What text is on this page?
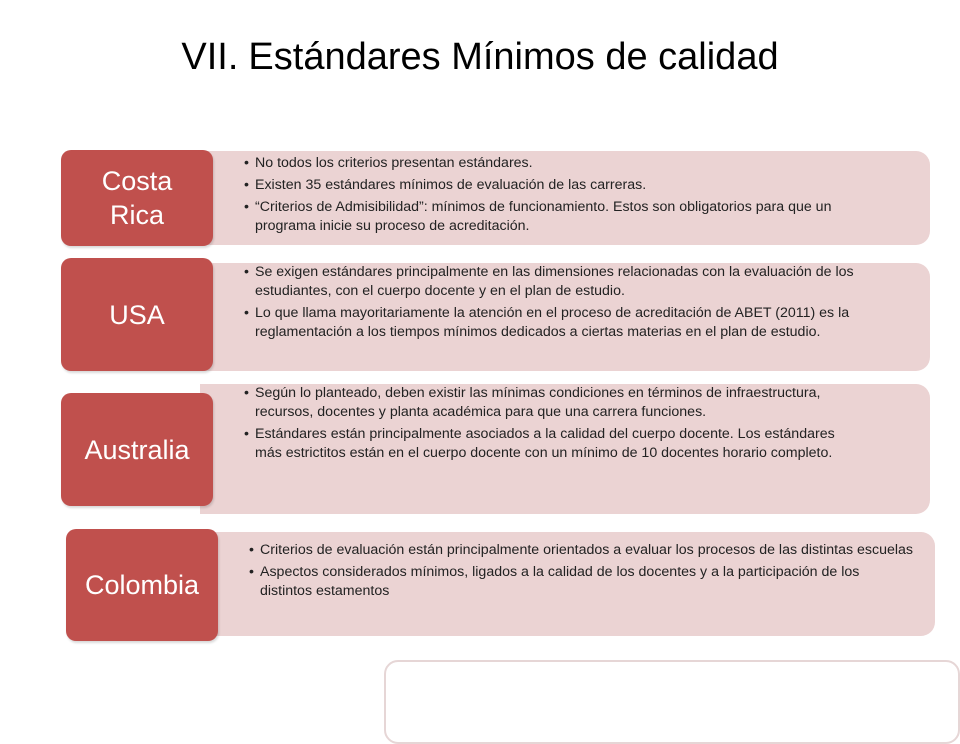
VII. Estándares Mínimos de calidad
• No todos los criterios presentan estándares.
• Existen 35 estándares mínimos de evaluación de las carreras.
• “Criterios de Admisibilidad”: mínimos de funcionamiento. Estos son obligatorios para que un programa inicie su proceso de acreditación.
Costa Rica
• Se exigen estándares principalmente en las dimensiones relacionadas con la evaluación de los estudiantes, con el cuerpo docente y en el plan de estudio.
• Lo que llama mayoritariamente la atención en el proceso de acreditación de ABET (2011) es la reglamentación a los tiempos mínimos dedicados a ciertas materias en el plan de estudio.
USA
• Según lo planteado, deben existir las mínimas condiciones en términos de infraestructura, recursos, docentes y planta académica para que una carrera funciones.
• Estándares están principalmente asociados a la calidad del cuerpo docente. Los estándares más estrictitos están en el cuerpo docente con un mínimo de 10 docentes horario completo.
Australia
• Criterios de evaluación están principalmente orientados a evaluar los procesos de las distintas escuelas
• Aspectos considerados mínimos, ligados a la calidad de los docentes y a la participación de los distintos estamentos
Colombia
